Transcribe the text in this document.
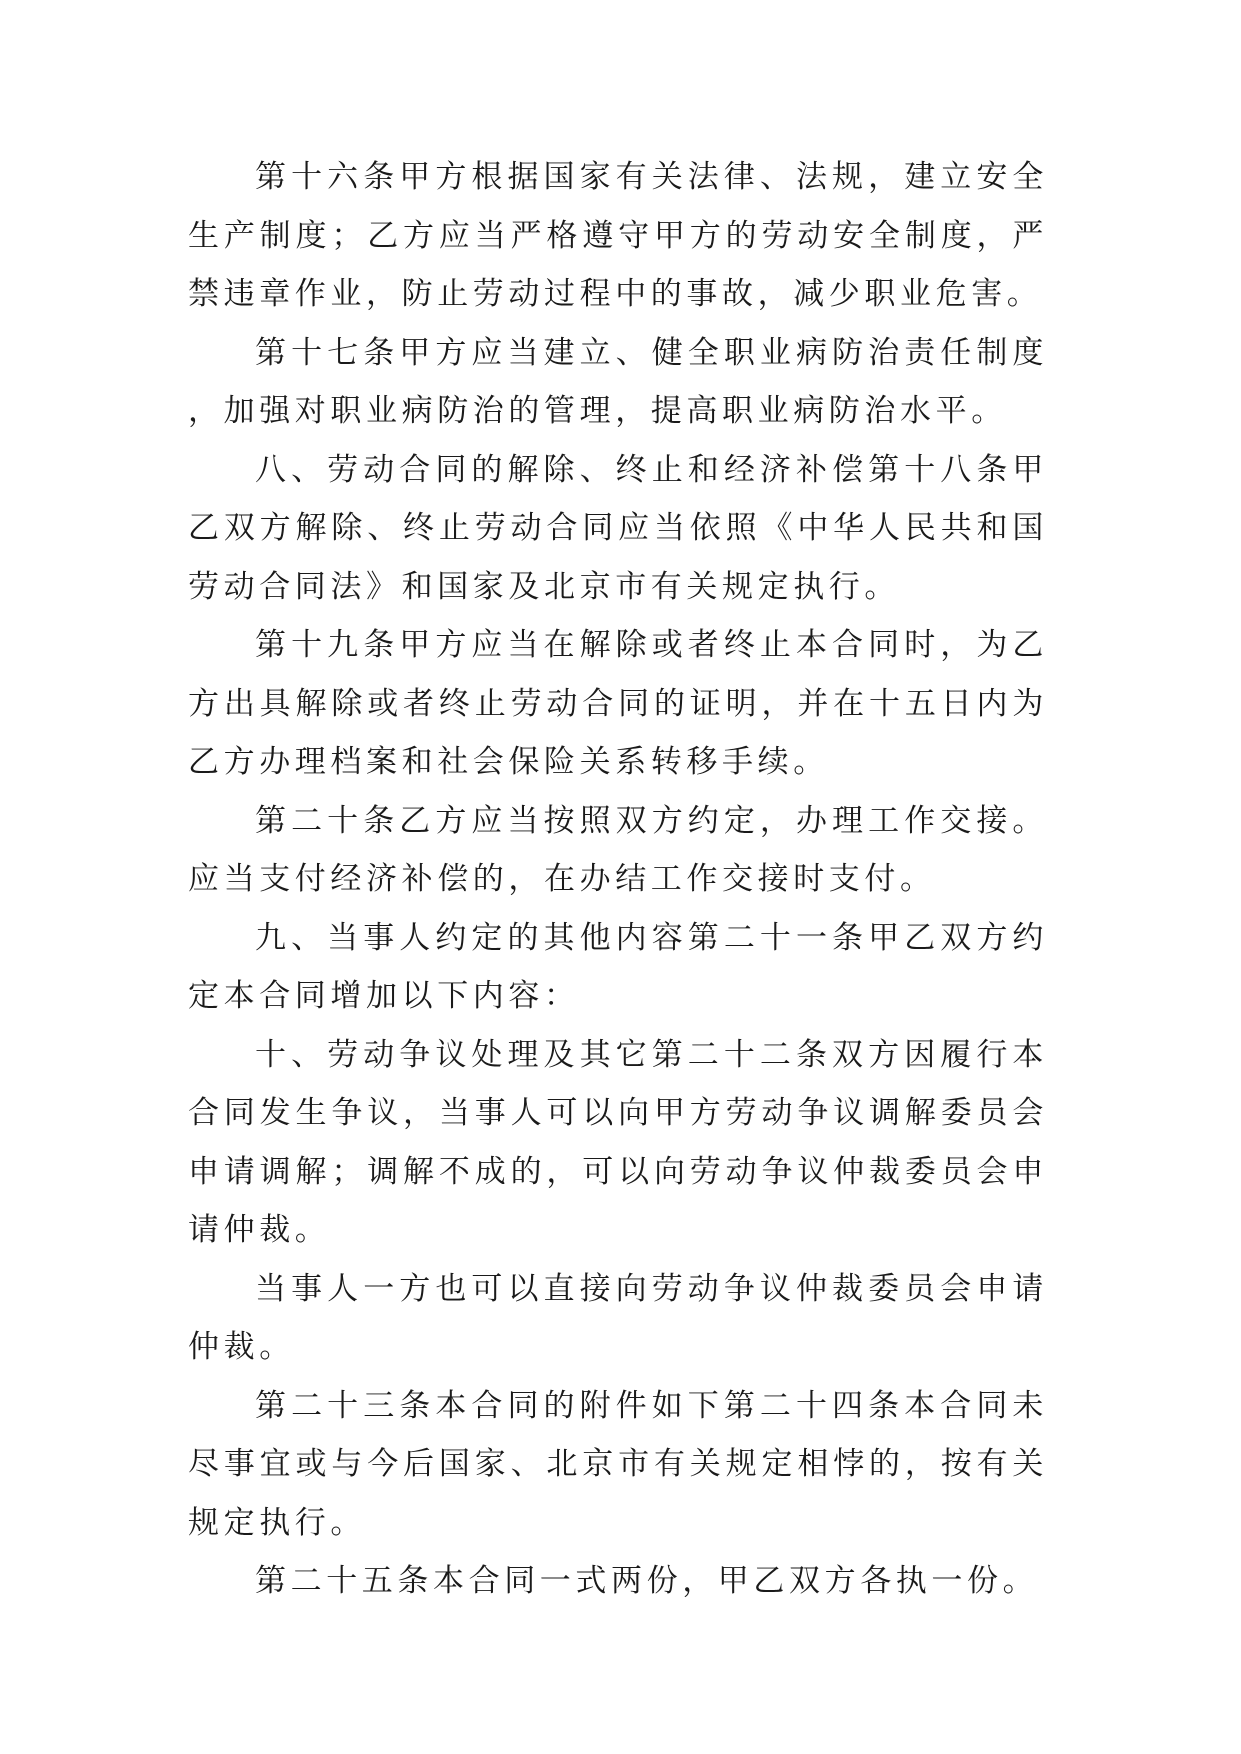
第十六条甲方根据国家有关法律、法规，建立安全生产制度；乙方应当严格遵守甲方的劳动安全制度，严禁违章作业，防止劳动过程中的事故，减少职业危害。

第十七条甲方应当建立、健全职业病防治责任制度，加强对职业病防治的管理，提高职业病防治水平。

八、劳动合同的解除、终止和经济补偿第十八条甲乙双方解除、终止劳动合同应当依照《中华人民共和国劳动合同法》和国家及北京市有关规定执行。

第十九条甲方应当在解除或者终止本合同时，为乙方出具解除或者终止劳动合同的证明，并在十五日内为乙方办理档案和社会保险关系转移手续。

第二十条乙方应当按照双方约定，办理工作交接。应当支付经济补偿的，在办结工作交接时支付。

九、当事人约定的其他内容第二十一条甲乙双方约定本合同增加以下内容：

十、劳动争议处理及其它第二十二条双方因履行本合同发生争议，当事人可以向甲方劳动争议调解委员会申请调解；调解不成的，可以向劳动争议仲裁委员会申请仲裁。

当事人一方也可以直接向劳动争议仲裁委员会申请仲裁。

第二十三条本合同的附件如下第二十四条本合同未尽事宜或与今后国家、北京市有关规定相悖的，按有关规定执行。

第二十五条本合同一式两份，甲乙双方各执一份。
